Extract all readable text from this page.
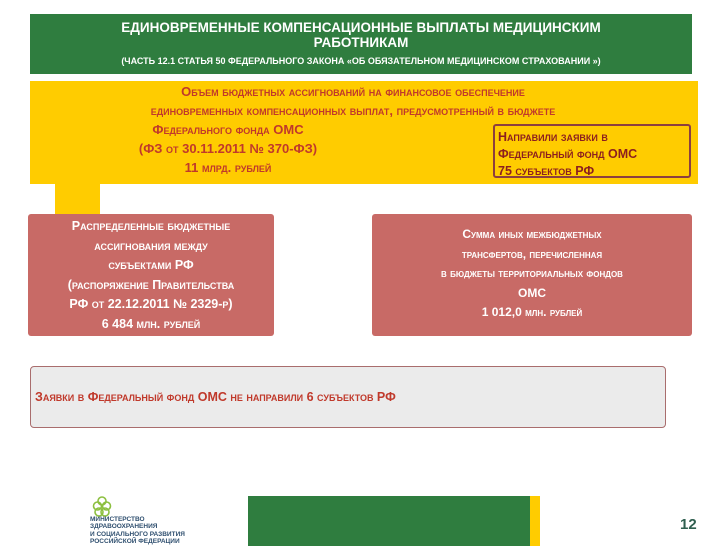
ЕДИНОВРЕМЕННЫЕ КОМПЕНСАЦИОННЫЕ ВЫПЛАТЫ МЕДИЦИНСКИМ
РАБОТНИКАМ
(ЧАСТЬ 12.1 СТАТЬЯ 50 ФЕДЕРАЛЬНОГО ЗАКОНА «ОБ ОБЯЗАТЕЛЬНОМ МЕДИЦИНСКОМ СТРАХОВАНИИ »)
Объем бюджетных ассигнований на финансовое обеспечение
единовременных компенсационных выплат, предусмотренный в бюджете
Федерального фонда ОМС
(ФЗ от 30.11.2011 № 370-ФЗ)
11 млрд. рублей
Направили заявки в
Федеральный фонд ОМС
75 субъектов РФ
Распределенные бюджетные
ассигнования между
субъектами РФ
(распоряжение Правительства
РФ от 22.12.2011 № 2329-р)
6 484 млн. рублей
Сумма иных межбюджетных
трансфертов, перечисленная
в бюджеты территориальных фондов
ОМС
1 012,0 млн. рублей
Заявки в Федеральный фонд ОМС не направили 6 субъектов РФ
МИНИСТЕРСТВО
ЗДРАВООХРАНЕНИЯ
И СОЦИАЛЬНОГО РАЗВИТИЯ
РОССИЙСКОЙ ФЕДЕРАЦИИ
12
